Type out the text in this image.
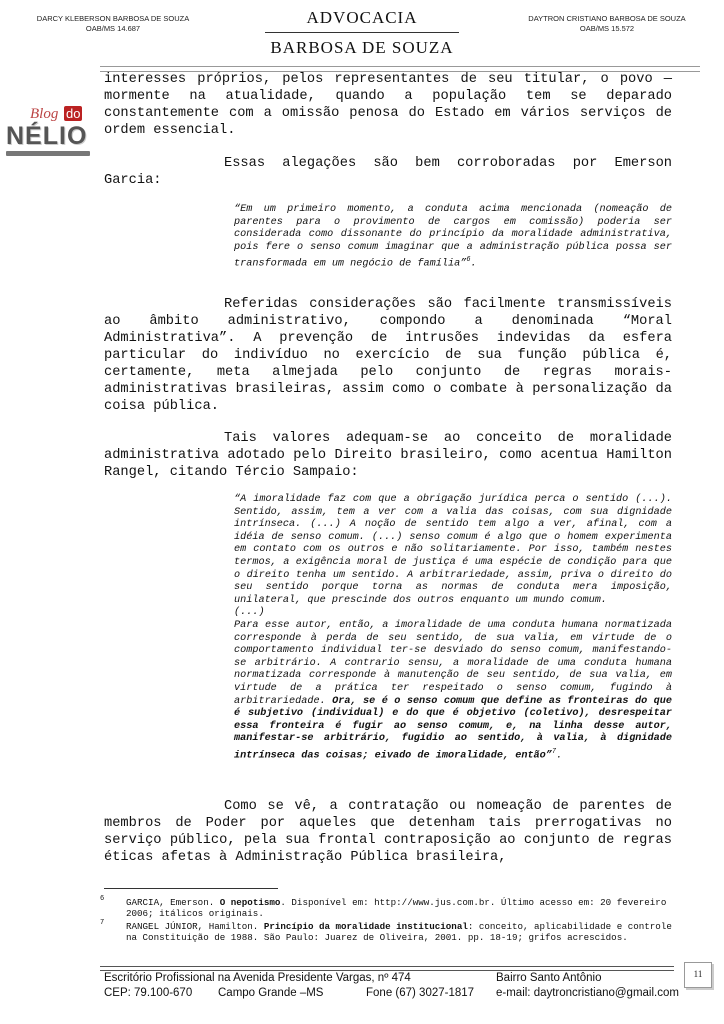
DARCY KLEBERSON BARBOSA DE SOUZA
OAB/MS 14.687
ADVOCACIA
BARBOSA DE SOUZA
DAYTRON CRISTIANO BARBOSA DE SOUZA
OAB/MS 15.572
Blog do
NÉLIO

interesses próprios, pelos representantes de seu titular, o povo — mormente na atualidade, quando a população tem se deparado constantemente com a omissão penosa do Estado em vários serviços de ordem essencial.

Essas alegações são bem corroboradas por Emerson Garcia:

“Em um primeiro momento, a conduta acima mencionada (nomeação de parentes para o provimento de cargos em comissão) poderia ser considerada como dissonante do princípio da moralidade administrativa, pois fere o senso comum imaginar que a administração pública possa ser transformada em um negócio de família”$^6$.

Referidas considerações são facilmente transmissíveis ao âmbito administrativo, compondo a denominada “Moral Administrativa”. A prevenção de intrusões indevidas da esfera particular do indivíduo no exercício de sua função pública é, certamente, meta almejada pelo conjunto de regras morais-administrativas brasileiras, assim como o combate à personalização da coisa pública.

Tais valores adequam-se ao conceito de moralidade administrativa adotado pelo Direito brasileiro, como acentua Hamilton Rangel, citando Tércio Sampaio:

“A imoralidade faz com que a obrigação jurídica perca o sentido (...). Sentido, assim, tem a ver com a valia das coisas, com sua dignidade intrínseca. (...) A noção de sentido tem algo a ver, afinal, com a idéia de senso comum. (...) senso comum é algo que o homem experimenta em contato com os outros e não solitariamente. Por isso, também nestes termos, a exigência moral de justiça é uma espécie de condição para que o direito tenha um sentido. A arbitrariedade, assim, priva o direito do seu sentido porque torna as normas de conduta mera imposição, unilateral, que prescinde dos outros enquanto um mundo comum.

(...)

Para esse autor, então, a imoralidade de uma conduta humana normatizada corresponde à perda de seu sentido, de sua valia, em virtude de o comportamento individual ter-se desviado do senso comum, manifestando-se arbitrário. A contrario sensu, a moralidade de uma conduta humana normatizada corresponde à manutenção de seu sentido, de sua valia, em virtude de a prática ter respeitado o senso comum, fugindo à arbitrariedade. Ora, se é o senso comum que define as fronteiras do que é subjetivo (individual) e do que é objetivo (coletivo), desrespeitar essa fronteira é fugir ao senso comum, e, na linha desse autor, manifestar-se arbitrário, fugidio ao sentido, à valia, à dignidade intrínseca das coisas; eivado de imoralidade, então”$^7$.

Como se vê, a contratação ou nomeação de parentes de membros de Poder por aqueles que detenham tais prerrogativas no serviço público, pela sua frontal contraposição ao conjunto de regras éticas afetas à Administração Pública brasileira,

6	GARCIA, Emerson. O nepotismo. Disponível em: http://www.jus.com.br. Último acesso em: 20 fevereiro 2006; itálicos originais.
7	RANGEL JÚNIOR, Hamilton. Princípio da moralidade institucional: conceito, aplicabilidade e controle na Constituição de 1988. São Paulo: Juarez de Oliveira, 2001. pp. 18-19; grifos acrescidos.
Escritório Profissional na Avenida Presidente Vargas, nº 474	Bairro Santo Antônio
CEP: 79.100-670 Campo Grande –MS	Fone (67) 3027-1817 e-mail: daytroncristiano@gmail.com
11
